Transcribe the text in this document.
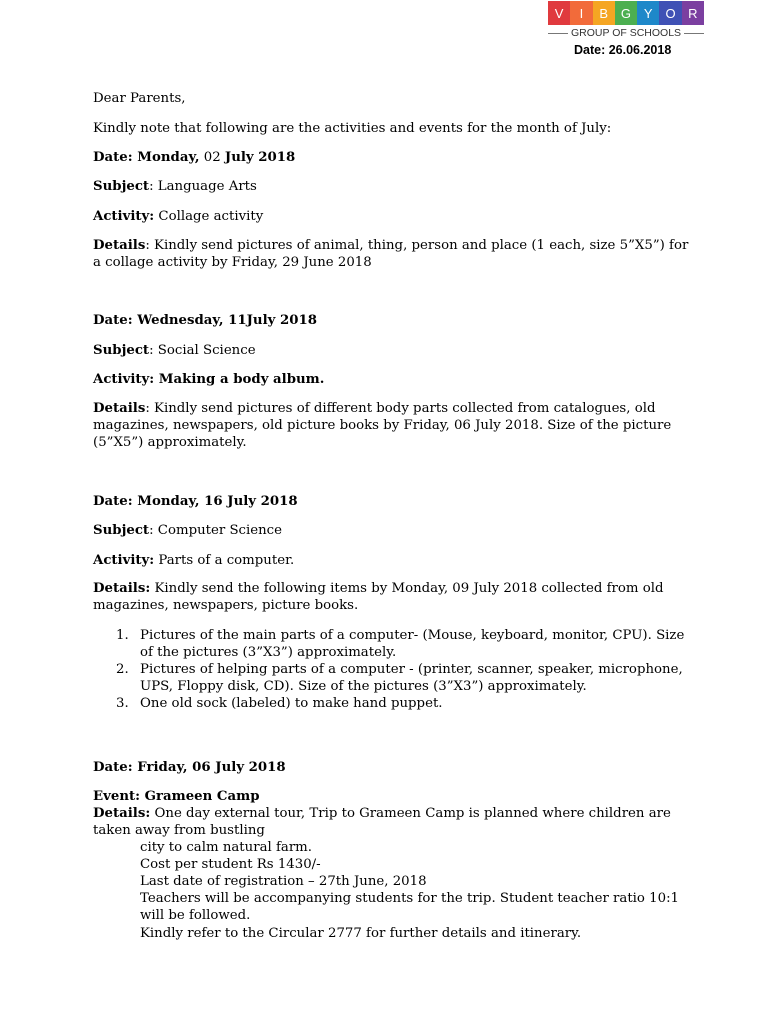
V	I	B G Y O R
GROUP OF SCHOOLS
Date: 26.06.2018
Dear Parents,
Kindly note that following are the activities and events for the month of July:
Date: Monday, 02 July 2018
Subject: Language Arts
Activity: Collage activity
Details: Kindly send pictures of animal, thing, person and place (1 each, size 5”X5”) for
a collage activity by Friday, 29 June 2018
Date: Wednesday, 11July 2018
Subject: Social Science
Activity: Making a body album.
Details: Kindly send pictures of different body parts collected from catalogues, old
magazines, newspapers, old picture books by Friday, 06 July 2018. Size of the picture
(5”X5”) approximately.
Date: Monday, 16 July 2018
Subject: Computer Science
Activity: Parts of a computer.
Details: Kindly send the following items by Monday, 09 July 2018 collected from old
magazines, newspapers, picture books.
1. Pictures of the main parts of a computer- (Mouse, keyboard, monitor, CPU). Size
of the pictures (3”X3”) approximately.
2. Pictures of helping parts of a computer - (printer, scanner, speaker, microphone,
UPS, Floppy disk, CD). Size of the pictures (3”X3”) approximately.
3. One old sock (labeled) to make hand puppet.
Date: Friday, 06 July 2018
Event: Grameen Camp
Details: One day external tour, Trip to Grameen Camp is planned where children are
taken away from bustling
city to calm natural farm.
Cost per student Rs 1430/-
Last date of registration – 27th June, 2018
Teachers will be accompanying students for the trip. Student teacher ratio 10:1
will be followed.
Kindly refer to the Circular 2777 for further details and itinerary.
